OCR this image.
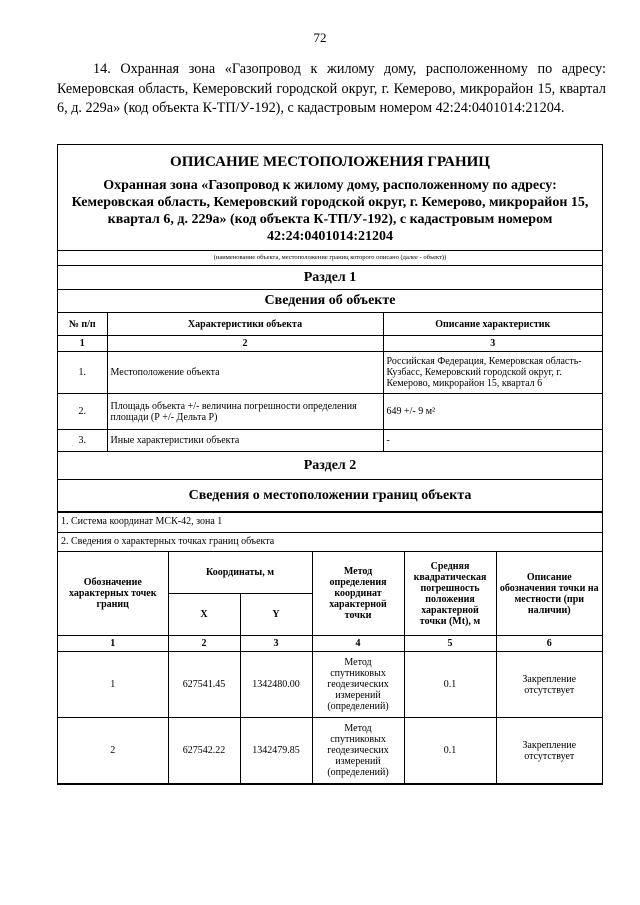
72
14. Охранная зона «Газопровод к жилому дому, расположенному по адресу: Кемеровская область, Кемеровский городской округ, г. Кемерово, микрорайон 15, квартал 6, д. 229а» (код объекта К-ТП/У-192), с кадастровым номером 42:24:0401014:21204.
ОПИСАНИЕ МЕСТОПОЛОЖЕНИЯ ГРАНИЦ
Охранная зона «Газопровод к жилому дому, расположенному по адресу: Кемеровская область, Кемеровский городской округ, г. Кемерово, микрорайон 15, квартал 6, д. 229а» (код объекта К-ТП/У-192), с кадастровым номером 42:24:0401014:21204
(наименование объекта, местоположение границ которого описано (далее - объект))
Раздел 1		
Сведения об объекте		
№ п/п	Характеристики объекта	Описание характеристик
1	2	3
1.	Местоположение объекта	Российская Федерация, Кемеровская область-Кузбасс, Кемеровский городской округ, г. Кемерово, микрорайон 15, квартал 6
2.	Площадь объекта +/- величина погрешности определения площади (Р +/- Дельта Р)	649 +/- 9 м²
3.	Иные характеристики объекта	-
Раздел 2		
Сведения о местоположении границ объекта		
1. Система координат МСК-42, зона 1
2. Сведения о характерных точках границ объекта
Обозначение характерных точек границ	Координаты, м		Метод определения координат характерной точки	Средняя квадратическая погрешность положения характерной точки (Mt), м	Описание обозначения точки на местности (при наличии)
	X	Y			
1	2	3	4	5	6
1	627541.45	1342480.00	Метод спутниковых геодезических измерений (определений)	0.1	Закрепление отсутствует
2	627542.22	1342479.85	Метод спутниковых геодезических измерений (определений)	0.1	Закрепление отсутствует
